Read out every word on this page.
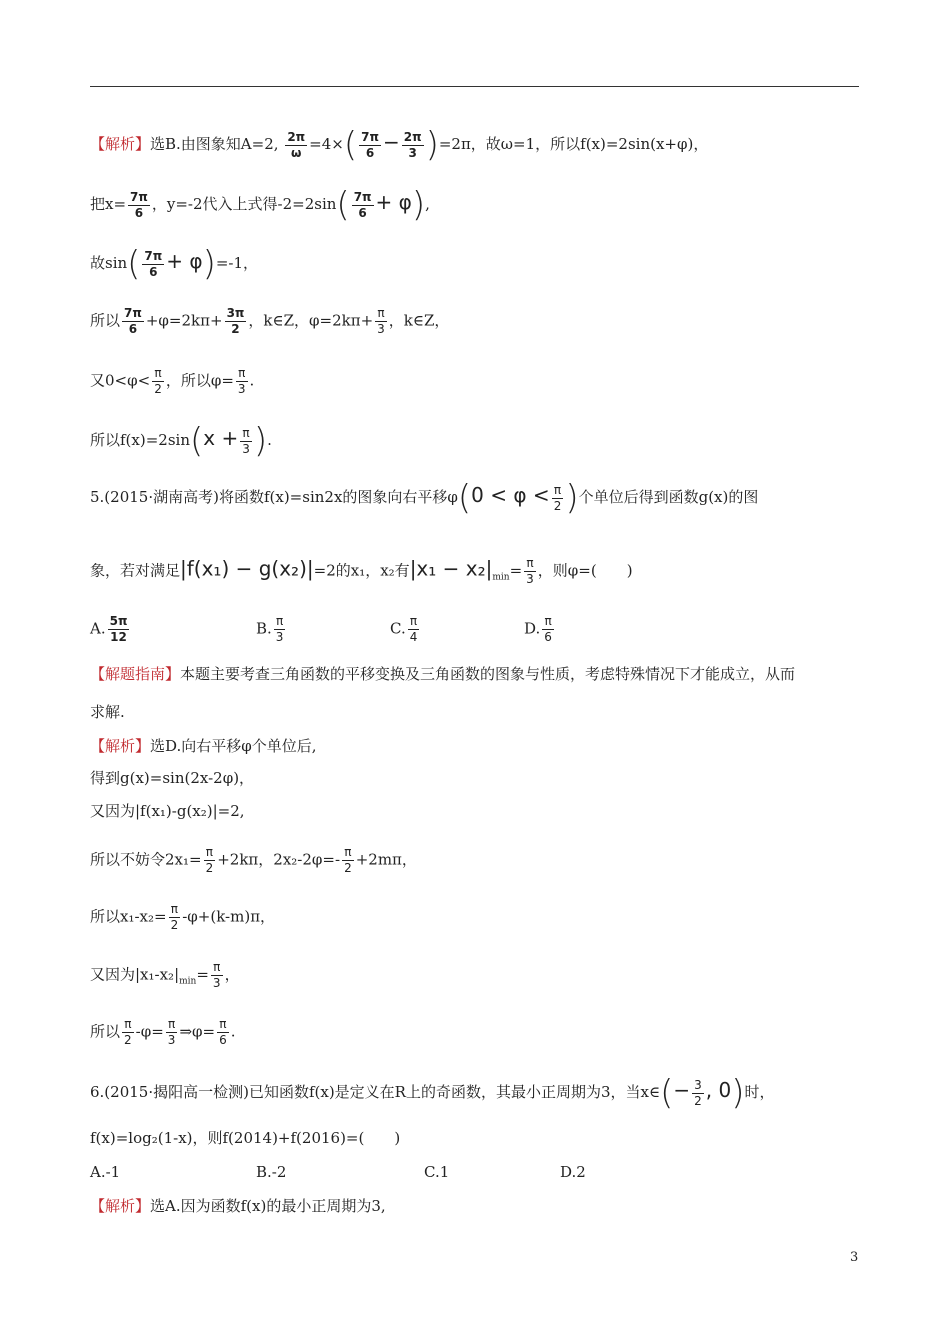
【解析】选B.由图象知A=2, $\frac{2\pi}{\omega} =4\times( \frac{7\pi}{6} - \frac{2\pi}{3} )=2\pi$，故ω=1，所以f(x)=2sin(x+φ)，
把$x= \frac{7\pi}{6}$ ，y=-2代入上式得$-2=2\sin( \frac{7\pi}{6} + \varphi)$,
故$\sin( \frac{7\pi}{6} + \varphi)=-1$，
所以 $\frac{7\pi}{6} +\varphi=2k\pi+ \frac{3\pi}{2}$ ，k∈Z，$\varphi=2k\pi+ \frac{\pi}{3}$ ，k∈Z，
又$0<\varphi< \frac{\pi}{2}$ ，所以$\varphi= \frac{\pi}{3}$ .
所以$f(x)=2\sin(x + \frac{\pi}{3}$ ).
5.(2015·湖南高考)将函数f(x)=sin2x的图象向右平移$\varphi(0 < \varphi < \frac{\pi}{2}$ )个单位后得到函数g(x)的图
象，若对满足|f(x₁) − g(x₂)|=2的x₁，x₂有$|x_1 - x_2|_{min}= \frac{\pi}{3}$ ，则φ=(　　)
A. $\frac{5\pi}{12}$	B. $\frac{\pi}{3}$	C. $\frac{\pi}{4}$	D. $\frac{\pi}{6}$
【解题指南】本题主要考查三角函数的平移变换及三角函数的图象与性质，考虑特殊情况下才能成立，从而
求解.
【解析】选D.向右平移φ个单位后,
得到g(x)=sin(2x-2φ)，
又因为|f(x₁)-g(x₂)|=2,
所以不妨令$2x_1= \frac{\pi}{2} +2k\pi$，$2x_2-2\varphi=- \frac{\pi}{2} +2m\pi$，
所以$x_1-x_2= \frac{\pi}{2} -\varphi+(k-m)\pi$，
又因为$|x_1-x_2|_{min}= \frac{\pi}{3}$ ，
所以 $\frac{\pi}{2} -\varphi= \frac{\pi}{3}$ ⇒φ= $\frac{\pi}{6}$ .
6.(2015·揭阳高一检测)已知函数f(x)是定义在R上的奇函数，其最小正周期为3，当x∈(− $\frac{3}{2}$ , 0)时，
f(x)=log₂(1-x)，则f(2014)+f(2016)=(　　)
A.-1	B.-2	C.1	D.2
【解析】选A.因为函数f(x)的最小正周期为3,
3
